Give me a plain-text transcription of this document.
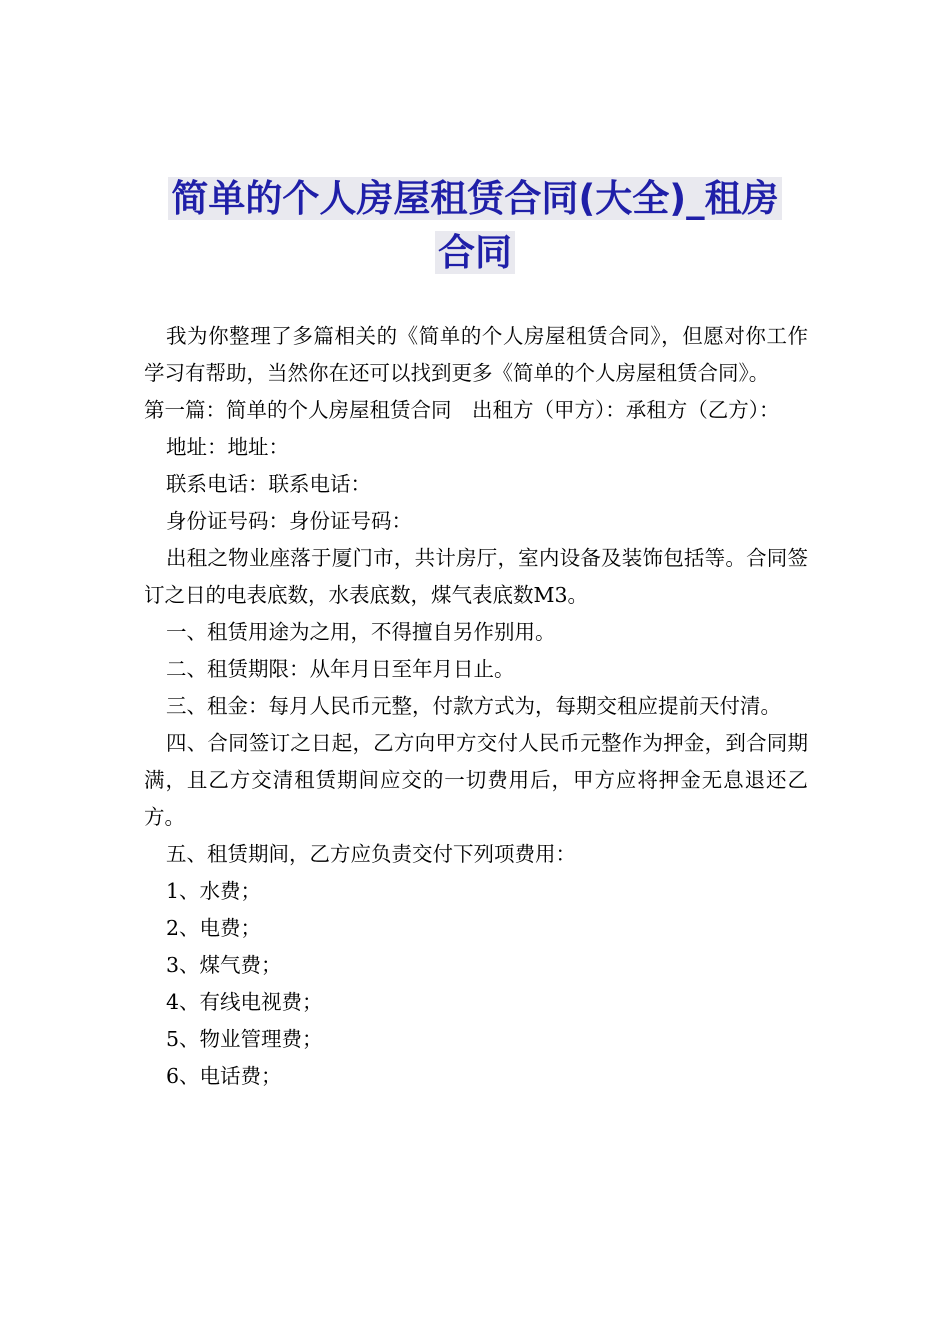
简单的个人房屋租赁合同(大全)_租房
合同

我为你整理了多篇相关的《简单的个人房屋租赁合同》，但愿对你工作学习有帮助，当然你在还可以找到更多《简单的个人房屋租赁合同》。

第一篇：简单的个人房屋租赁合同　出租方（甲方）：承租方（乙方）：

地址：地址：

联系电话：联系电话：

身份证号码：身份证号码：

出租之物业座落于厦门市，共计房厅，室内设备及装饰包括等。合同签订之日的电表底数，水表底数，煤气表底数M3。

一、租赁用途为之用，不得擅自另作别用。

二、租赁期限：从年月日至年月日止。

三、租金：每月人民币元整，付款方式为，每期交租应提前天付清。

四、合同签订之日起，乙方向甲方交付人民币元整作为押金，到合同期满，且乙方交清租赁期间应交的一切费用后，甲方应将押金无息退还乙方。

五、租赁期间，乙方应负责交付下列项费用：

1、水费；

2、电费；

3、煤气费；

4、有线电视费；

5、物业管理费；

6、电话费；
